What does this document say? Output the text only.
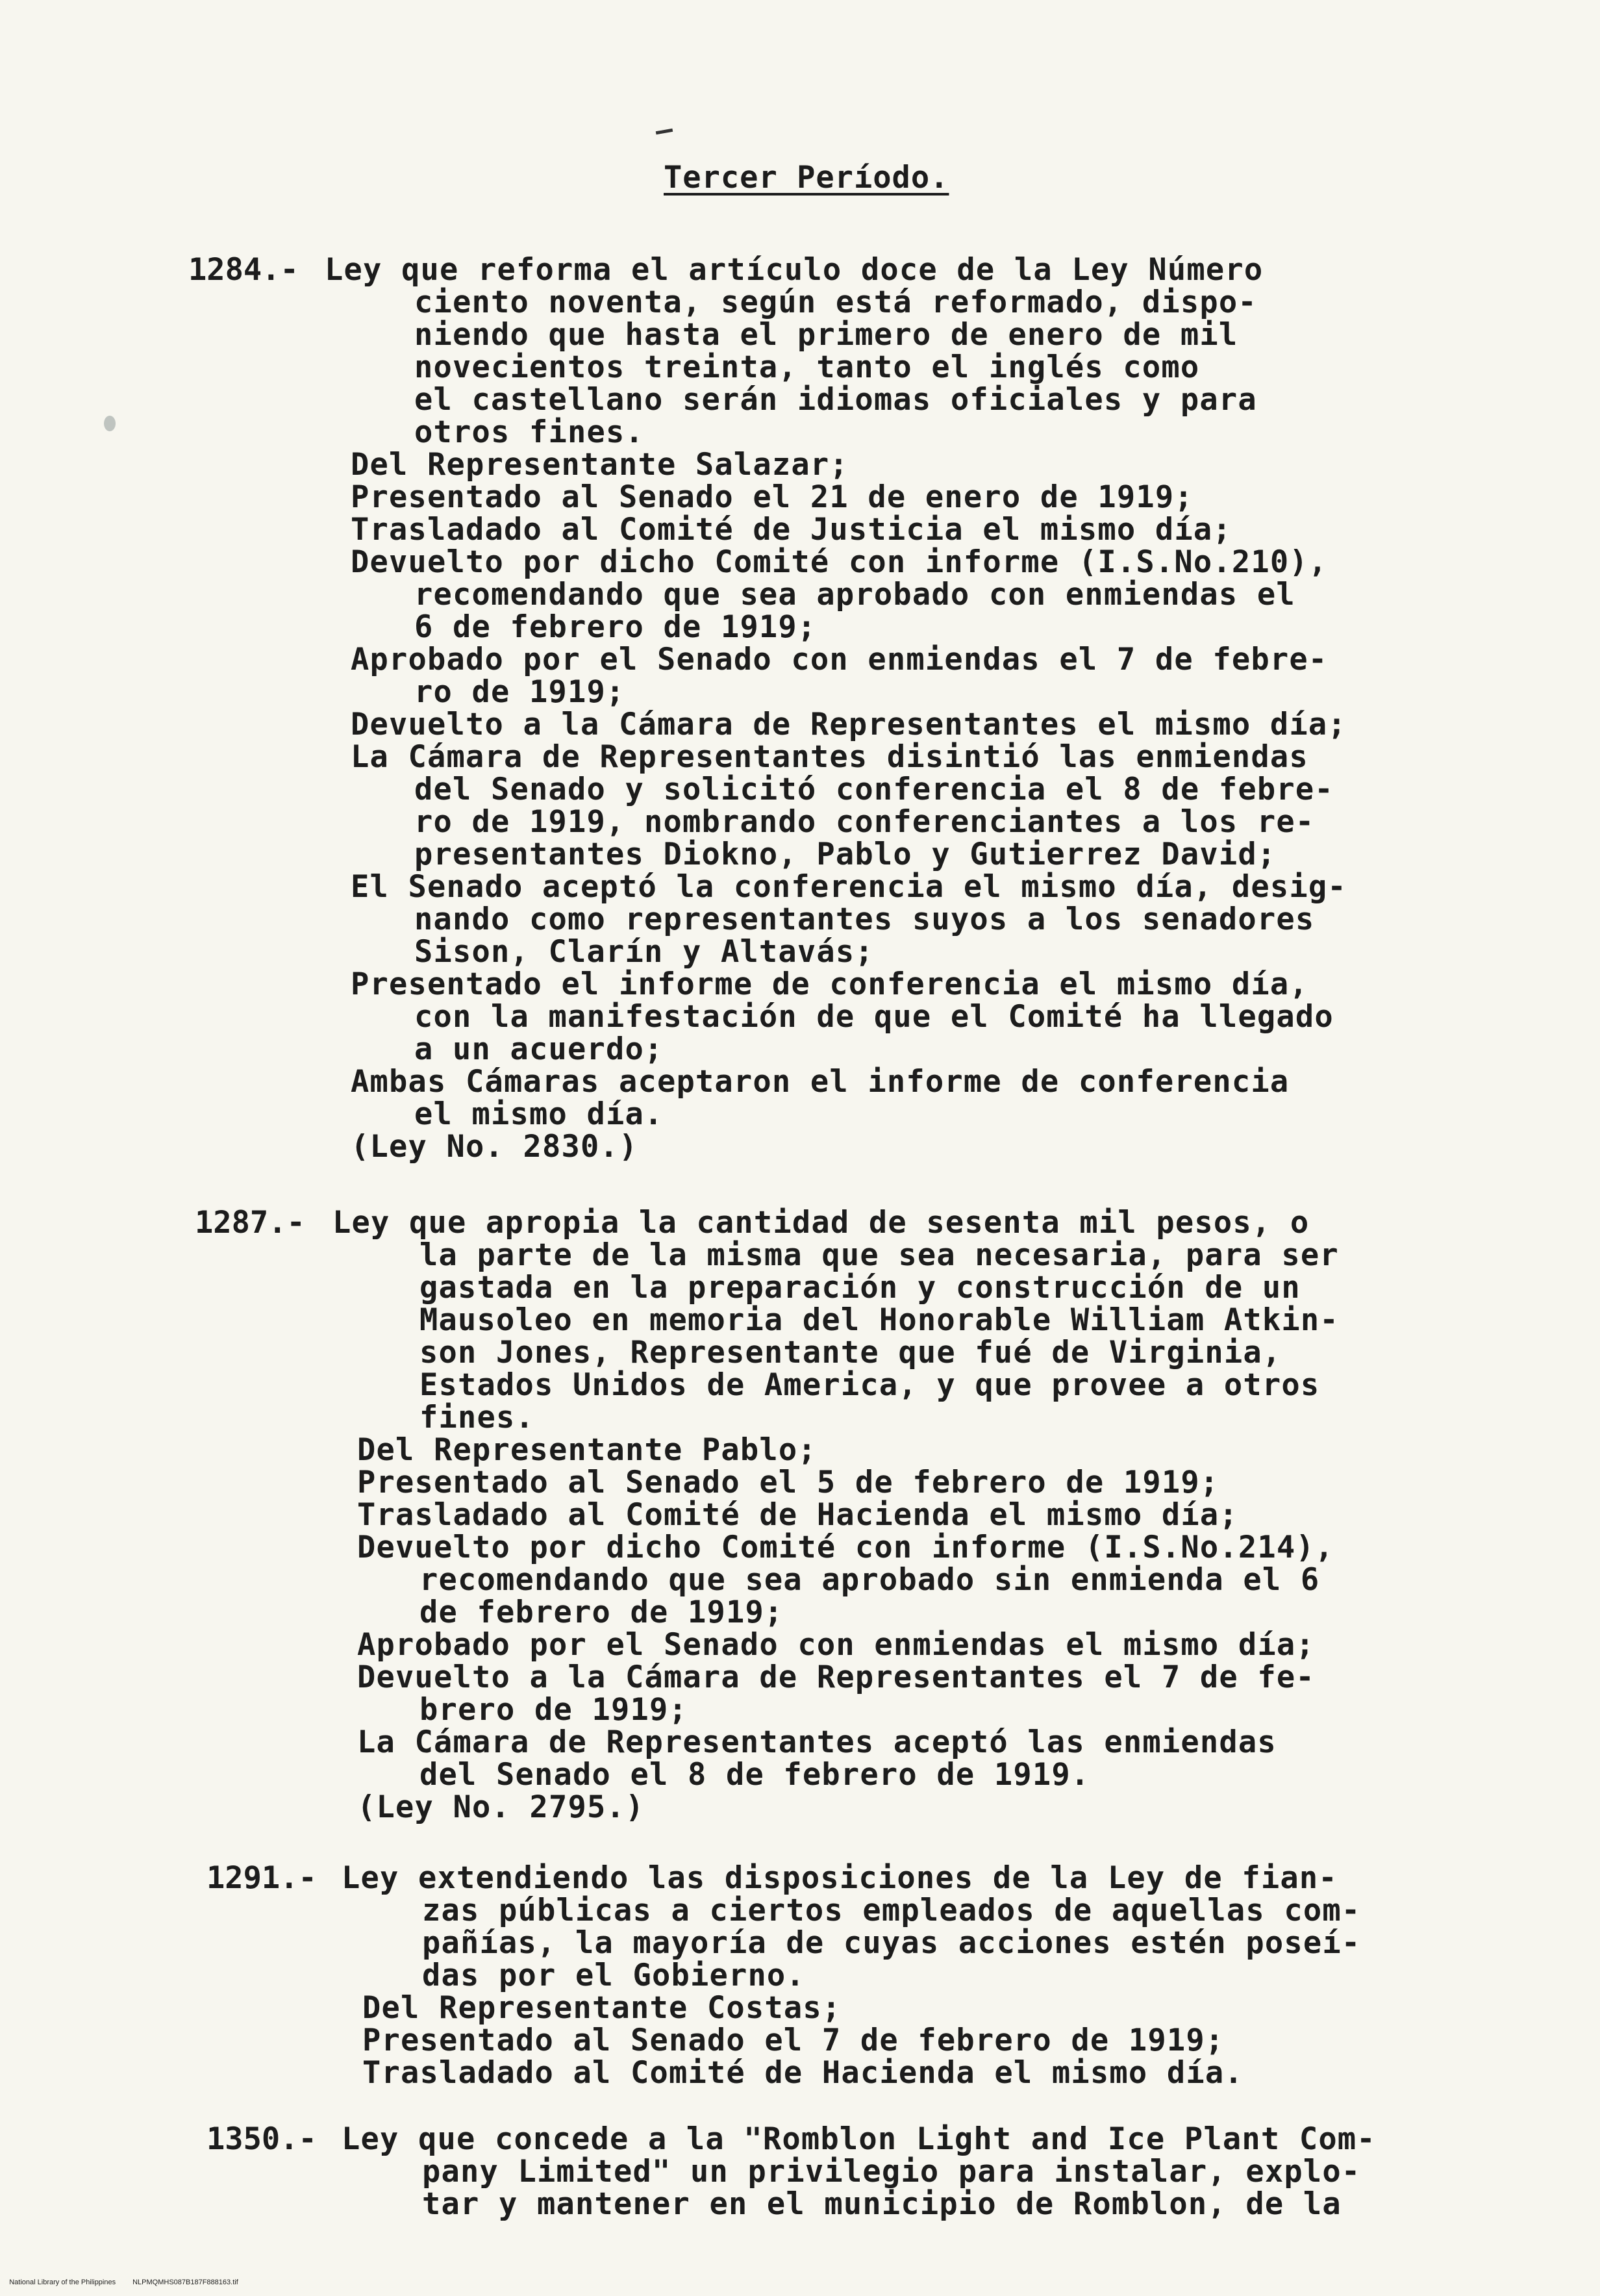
Tercer Período.
1284.- Ley que reforma el artículo doce de la Ley Número
ciento noventa, según está reformado, dispo-
niendo que hasta el primero de enero de mil
novecientos treinta, tanto el inglés como
el castellano serán idiomas oficiales y para
otros fines.
Del Representante Salazar;
Presentado al Senado el 21 de enero de 1919;
Trasladado al Comité de Justicia el mismo día;
Devuelto por dicho Comité con informe (I.S.No.210),
recomendando que sea aprobado con enmiendas el
6 de febrero de 1919;
Aprobado por el Senado con enmiendas el 7 de febre-
ro de 1919;
Devuelto a la Cámara de Representantes el mismo día;
La Cámara de Representantes disintió las enmiendas
del Senado y solicitó conferencia el 8 de febre-
ro de 1919, nombrando conferenciantes a los re-
presentantes Diokno, Pablo y Gutierrez David;
El Senado aceptó la conferencia el mismo día, desig-
nando como representantes suyos a los senadores
Sison, Clarín y Altavás;
Presentado el informe de conferencia el mismo día,
con la manifestación de que el Comité ha llegado
a un acuerdo;
Ambas Cámaras aceptaron el informe de conferencia
el mismo día.
(Ley No. 2830.)
1287.- Ley que apropia la cantidad de sesenta mil pesos, o
la parte de la misma que sea necesaria, para ser
gastada en la preparación y construcción de un
Mausoleo en memoria del Honorable William Atkin-
son Jones, Representante que fué de Virginia,
Estados Unidos de America, y que provee a otros
fines.
Del Representante Pablo;
Presentado al Senado el 5 de febrero de 1919;
Trasladado al Comité de Hacienda el mismo día;
Devuelto por dicho Comité con informe (I.S.No.214),
recomendando que sea aprobado sin enmienda el 6
de febrero de 1919;
Aprobado por el Senado con enmiendas el mismo día;
Devuelto a la Cámara de Representantes el 7 de fe-
brero de 1919;
La Cámara de Representantes aceptó las enmiendas
del Senado el 8 de febrero de 1919.
(Ley No. 2795.)
1291.- Ley extendiendo las disposiciones de la Ley de fian-
zas públicas a ciertos empleados de aquellas com-
pañías, la mayoría de cuyas acciones estén poseí-
das por el Gobierno.
Del Representante Costas;
Presentado al Senado el 7 de febrero de 1919;
Trasladado al Comité de Hacienda el mismo día.
1350.- Ley que concede a la "Romblon Light and Ice Plant Com-
pany Limited" un privilegio para instalar, explo-
tar y mantener en el municipio de Romblon, de la

National Library of the Philippines NLPMQMHS087B187F888163.tif
